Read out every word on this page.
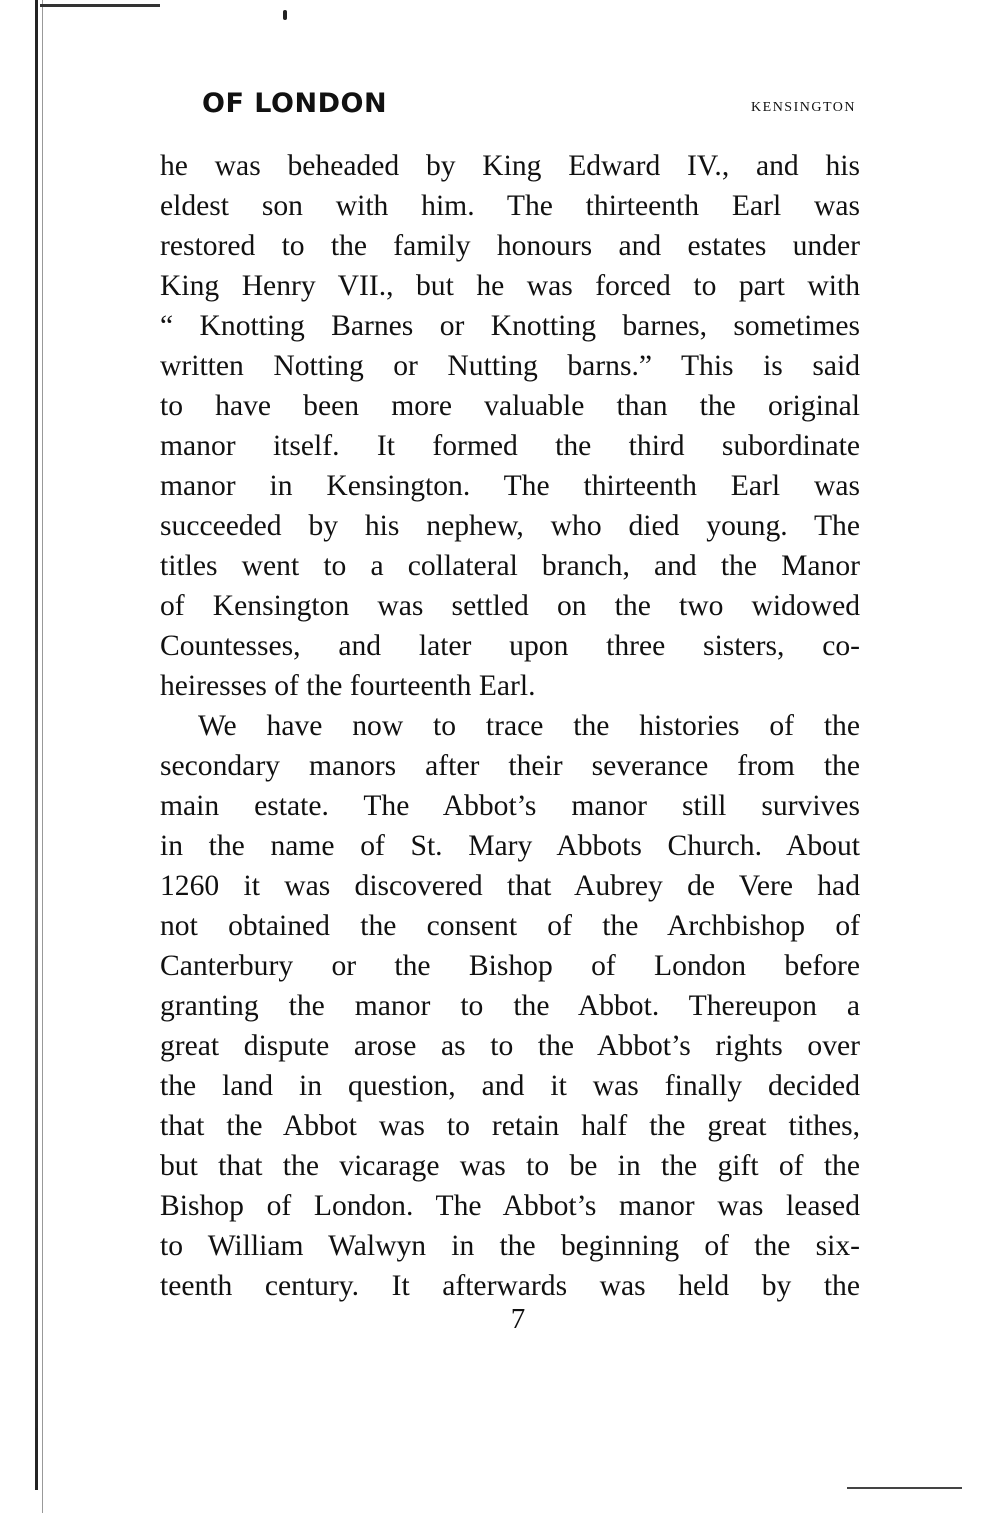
OF LONDON	KENSINGTON
he was beheaded by King Edward IV., and his
eldest son with him. The thirteenth Earl was
restored to the family honours and estates under
King Henry VII., but he was forced to part with
“ Knotting Barnes or Knotting barnes, sometimes
written Notting or Nutting barns.” This is said
to have been more valuable than the original
manor itself. It formed the third subordinate
manor in Kensington. The thirteenth Earl was
succeeded by his nephew, who died young. The
titles went to a collateral branch, and the Manor
of Kensington was settled on the two widowed
Countesses, and later upon three sisters, co-
heiresses of the fourteenth Earl.
We have now to trace the histories of the
secondary manors after their severance from the
main estate. The Abbot’s manor still survives
in the name of St. Mary Abbots Church. About
1260 it was discovered that Aubrey de Vere had
not obtained the consent of the Archbishop of
Canterbury or the Bishop of London before
granting the manor to the Abbot. Thereupon a
great dispute arose as to the Abbot’s rights over
the land in question, and it was finally decided
that the Abbot was to retain half the great tithes,
but that the vicarage was to be in the gift of the
Bishop of London. The Abbot’s manor was leased
to William Walwyn in the beginning of the six-
teenth century. It afterwards was held by the
7
